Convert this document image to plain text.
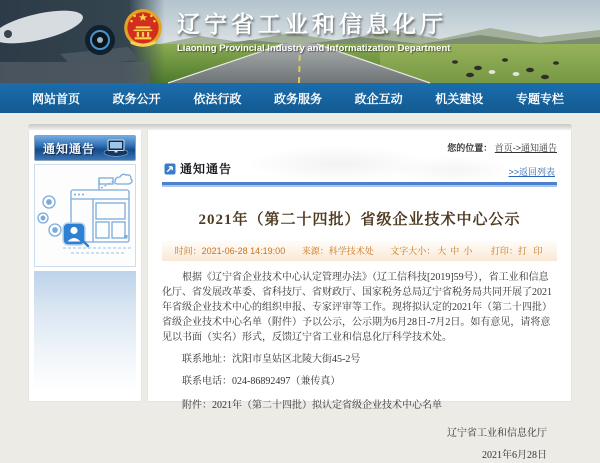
辽宁省工业和信息化厅
Liaoning Provincial Industry and Informatization Department
网站首页	政务公开	依法行政	政务服务	政企互动	机关建设	专题专栏
通知通告	您的位置： 首页->通知通告
>>返回列表
通知通告
2021年（第二十四批）省级企业技术中心公示
时间：2021-06-28 14:19:00 来源：科学技术处 文字大小： 大 中 小 打印：打 印

根据《辽宁省企业技术中心认定管理办法》（辽工信科技[2019]59号），省工业和信息化厅、省发展改革委、省科技厅、省财政厅、国家税务总局辽宁省税务局共同开展了2021年省级企业技术中心的组织申报、专家评审等工作。现将拟认定的2021年（第二十四批）省级企业技术中心名单（附件）予以公示，公示期为6月28日-7月2日。如有意见，请将意见以书面（实名）形式，反馈辽宁省工业和信息化厅科学技术处。

联系地址：沈阳市皇姑区北陵大街45-2号

联系电话：024-86892497（兼传真）

附件：2021年（第二十四批）拟认定省级企业技术中心名单

辽宁省工业和信息化厅

2021年6月28日
